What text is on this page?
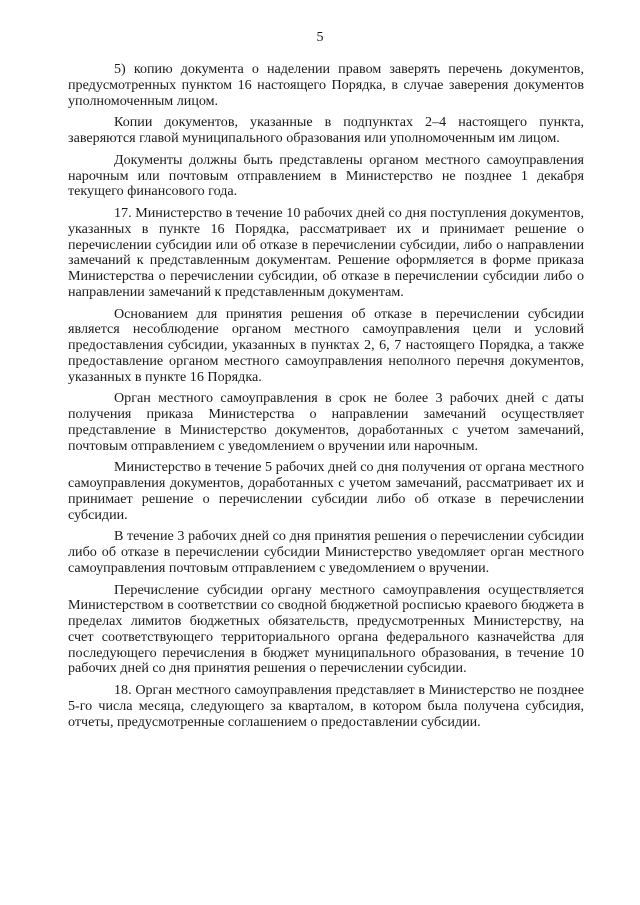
5

5) копию документа о наделении правом заверять перечень документов, предусмотренных пунктом 16 настоящего Порядка, в случае заверения документов уполномоченным лицом.

Копии документов, указанные в подпунктах 2–4 настоящего пункта, заверяются главой муниципального образования или уполномоченным им лицом.

Документы должны быть представлены органом местного самоуправления нарочным или почтовым отправлением в Министерство не позднее 1 декабря текущего финансового года.

17. Министерство в течение 10 рабочих дней со дня поступления документов, указанных в пункте 16 Порядка, рассматривает их и принимает решение о перечислении субсидии или об отказе в перечислении субсидии, либо о направлении замечаний к представленным документам. Решение оформляется в форме приказа Министерства о перечислении субсидии, об отказе в перечислении субсидии либо о направлении замечаний к представленным документам.

Основанием для принятия решения об отказе в перечислении субсидии является несоблюдение органом местного самоуправления цели и условий предоставления субсидии, указанных в пунктах 2, 6, 7 настоящего Порядка, а также предоставление органом местного самоуправления неполного перечня документов, указанных в пункте 16 Порядка.

Орган местного самоуправления в срок не более 3 рабочих дней с даты получения приказа Министерства о направлении замечаний осуществляет представление в Министерство документов, доработанных с учетом замечаний, почтовым отправлением с уведомлением о вручении или нарочным.

Министерство в течение 5 рабочих дней со дня получения от органа местного самоуправления документов, доработанных с учетом замечаний, рассматривает их и принимает решение о перечислении субсидии либо об отказе в перечислении субсидии.

В течение 3 рабочих дней со дня принятия решения о перечислении субсидии либо об отказе в перечислении субсидии Министерство уведомляет орган местного самоуправления почтовым отправлением с уведомлением о вручении.

Перечисление субсидии органу местного самоуправления осуществляется Министерством в соответствии со сводной бюджетной росписью краевого бюджета в пределах лимитов бюджетных обязательств, предусмотренных Министерству, на счет соответствующего территориального органа федерального казначейства для последующего перечисления в бюджет муниципального образования, в течение 10 рабочих дней со дня принятия решения о перечислении субсидии.

18. Орган местного самоуправления представляет в Министерство не позднее 5-го числа месяца, следующего за кварталом, в котором была получена субсидия, отчеты, предусмотренные соглашением о предоставлении субсидии.
